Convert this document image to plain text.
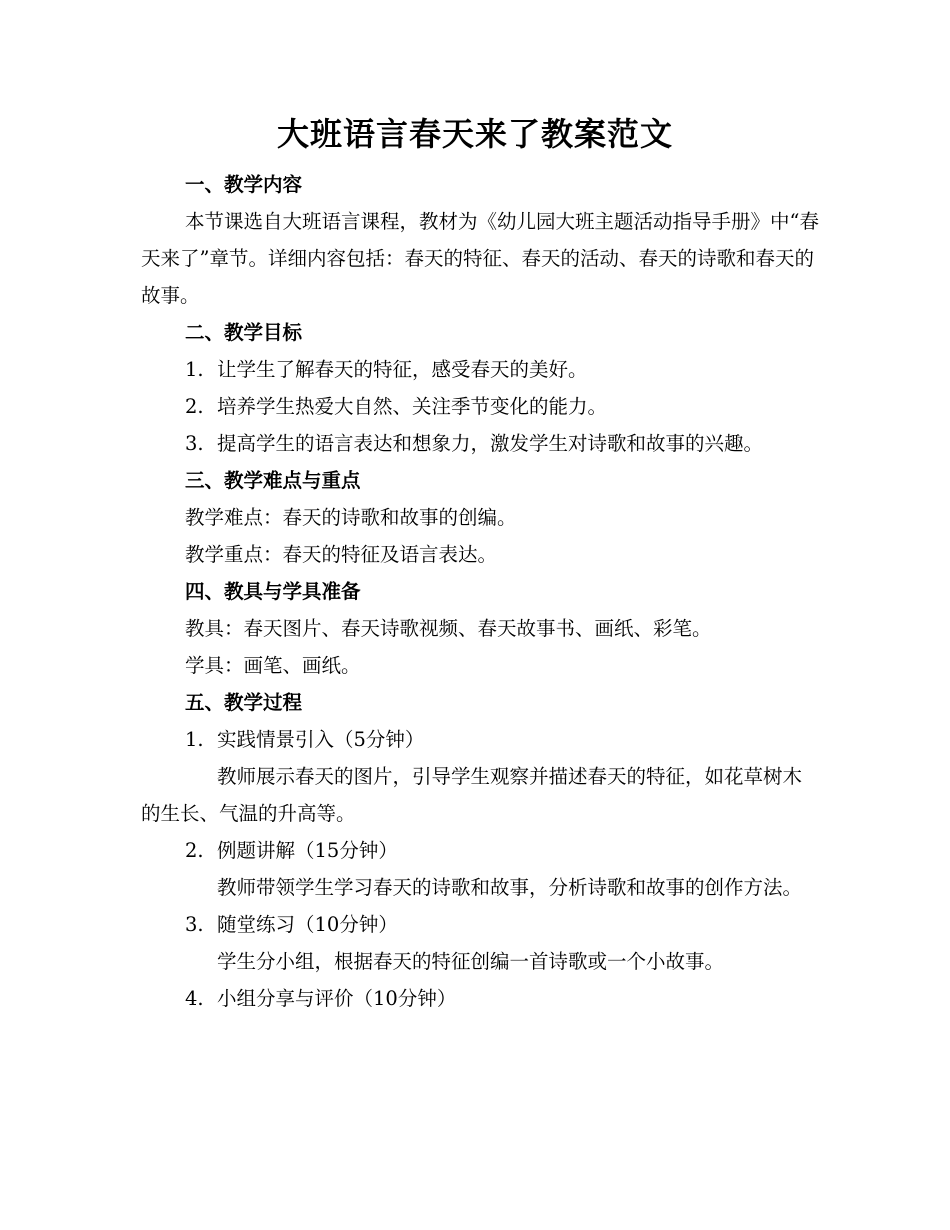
大班语言春天来了教案范文

一、教学内容

本节课选自大班语言课程，教材为《幼儿园大班主题活动指导手册》中“春天来了”章节。详细内容包括：春天的特征、春天的活动、春天的诗歌和春天的故事。

二、教学目标

1. 让学生了解春天的特征，感受春天的美好。

2. 培养学生热爱大自然、关注季节变化的能力。

3. 提高学生的语言表达和想象力，激发学生对诗歌和故事的兴趣。

三、教学难点与重点

教学难点：春天的诗歌和故事的创编。

教学重点：春天的特征及语言表达。

四、教具与学具准备

教具：春天图片、春天诗歌视频、春天故事书、画纸、彩笔。

学具：画笔、画纸。

五、教学过程

1. 实践情景引入（5分钟）

教师展示春天的图片，引导学生观察并描述春天的特征，如花草树木的生长、气温的升高等。

2. 例题讲解（15分钟）

教师带领学生学习春天的诗歌和故事，分析诗歌和故事的创作方法。

3. 随堂练习（10分钟）

学生分小组，根据春天的特征创编一首诗歌或一个小故事。

4. 小组分享与评价（10分钟）
